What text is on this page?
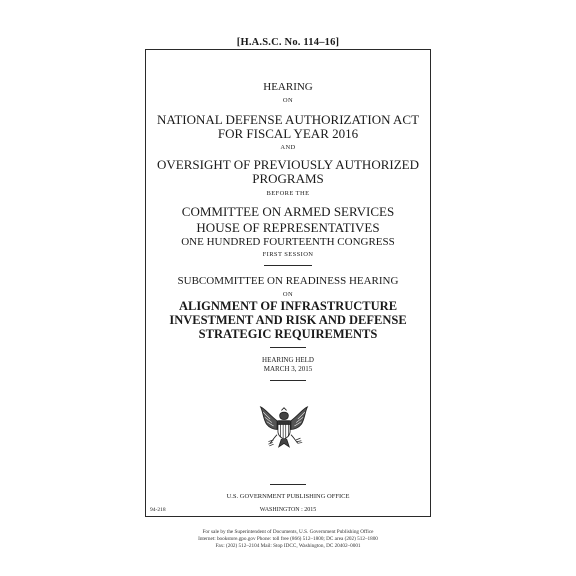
[H.A.S.C. No. 114–16]
HEARING
ON
NATIONAL DEFENSE AUTHORIZATION ACT
FOR FISCAL YEAR 2016
AND
OVERSIGHT OF PREVIOUSLY AUTHORIZED
PROGRAMS
BEFORE THE
COMMITTEE ON ARMED SERVICES
HOUSE OF REPRESENTATIVES
ONE HUNDRED FOURTEENTH CONGRESS
FIRST SESSION
SUBCOMMITTEE ON READINESS HEARING
ON
ALIGNMENT OF INFRASTRUCTURE
INVESTMENT AND RISK AND DEFENSE
STRATEGIC REQUIREMENTS
HEARING HELD
MARCH 3, 2015
U.S. GOVERNMENT PUBLISHING OFFICE
WASHINGTON : 2015
94-218
For sale by the Superintendent of Documents, U.S. Government Publishing Office
Internet: bookstore.gpo.gov Phone: toll free (866) 512–1800; DC area (202) 512–1800
Fax: (202) 512–2104 Mail: Stop IDCC, Washington, DC 20402–0001
